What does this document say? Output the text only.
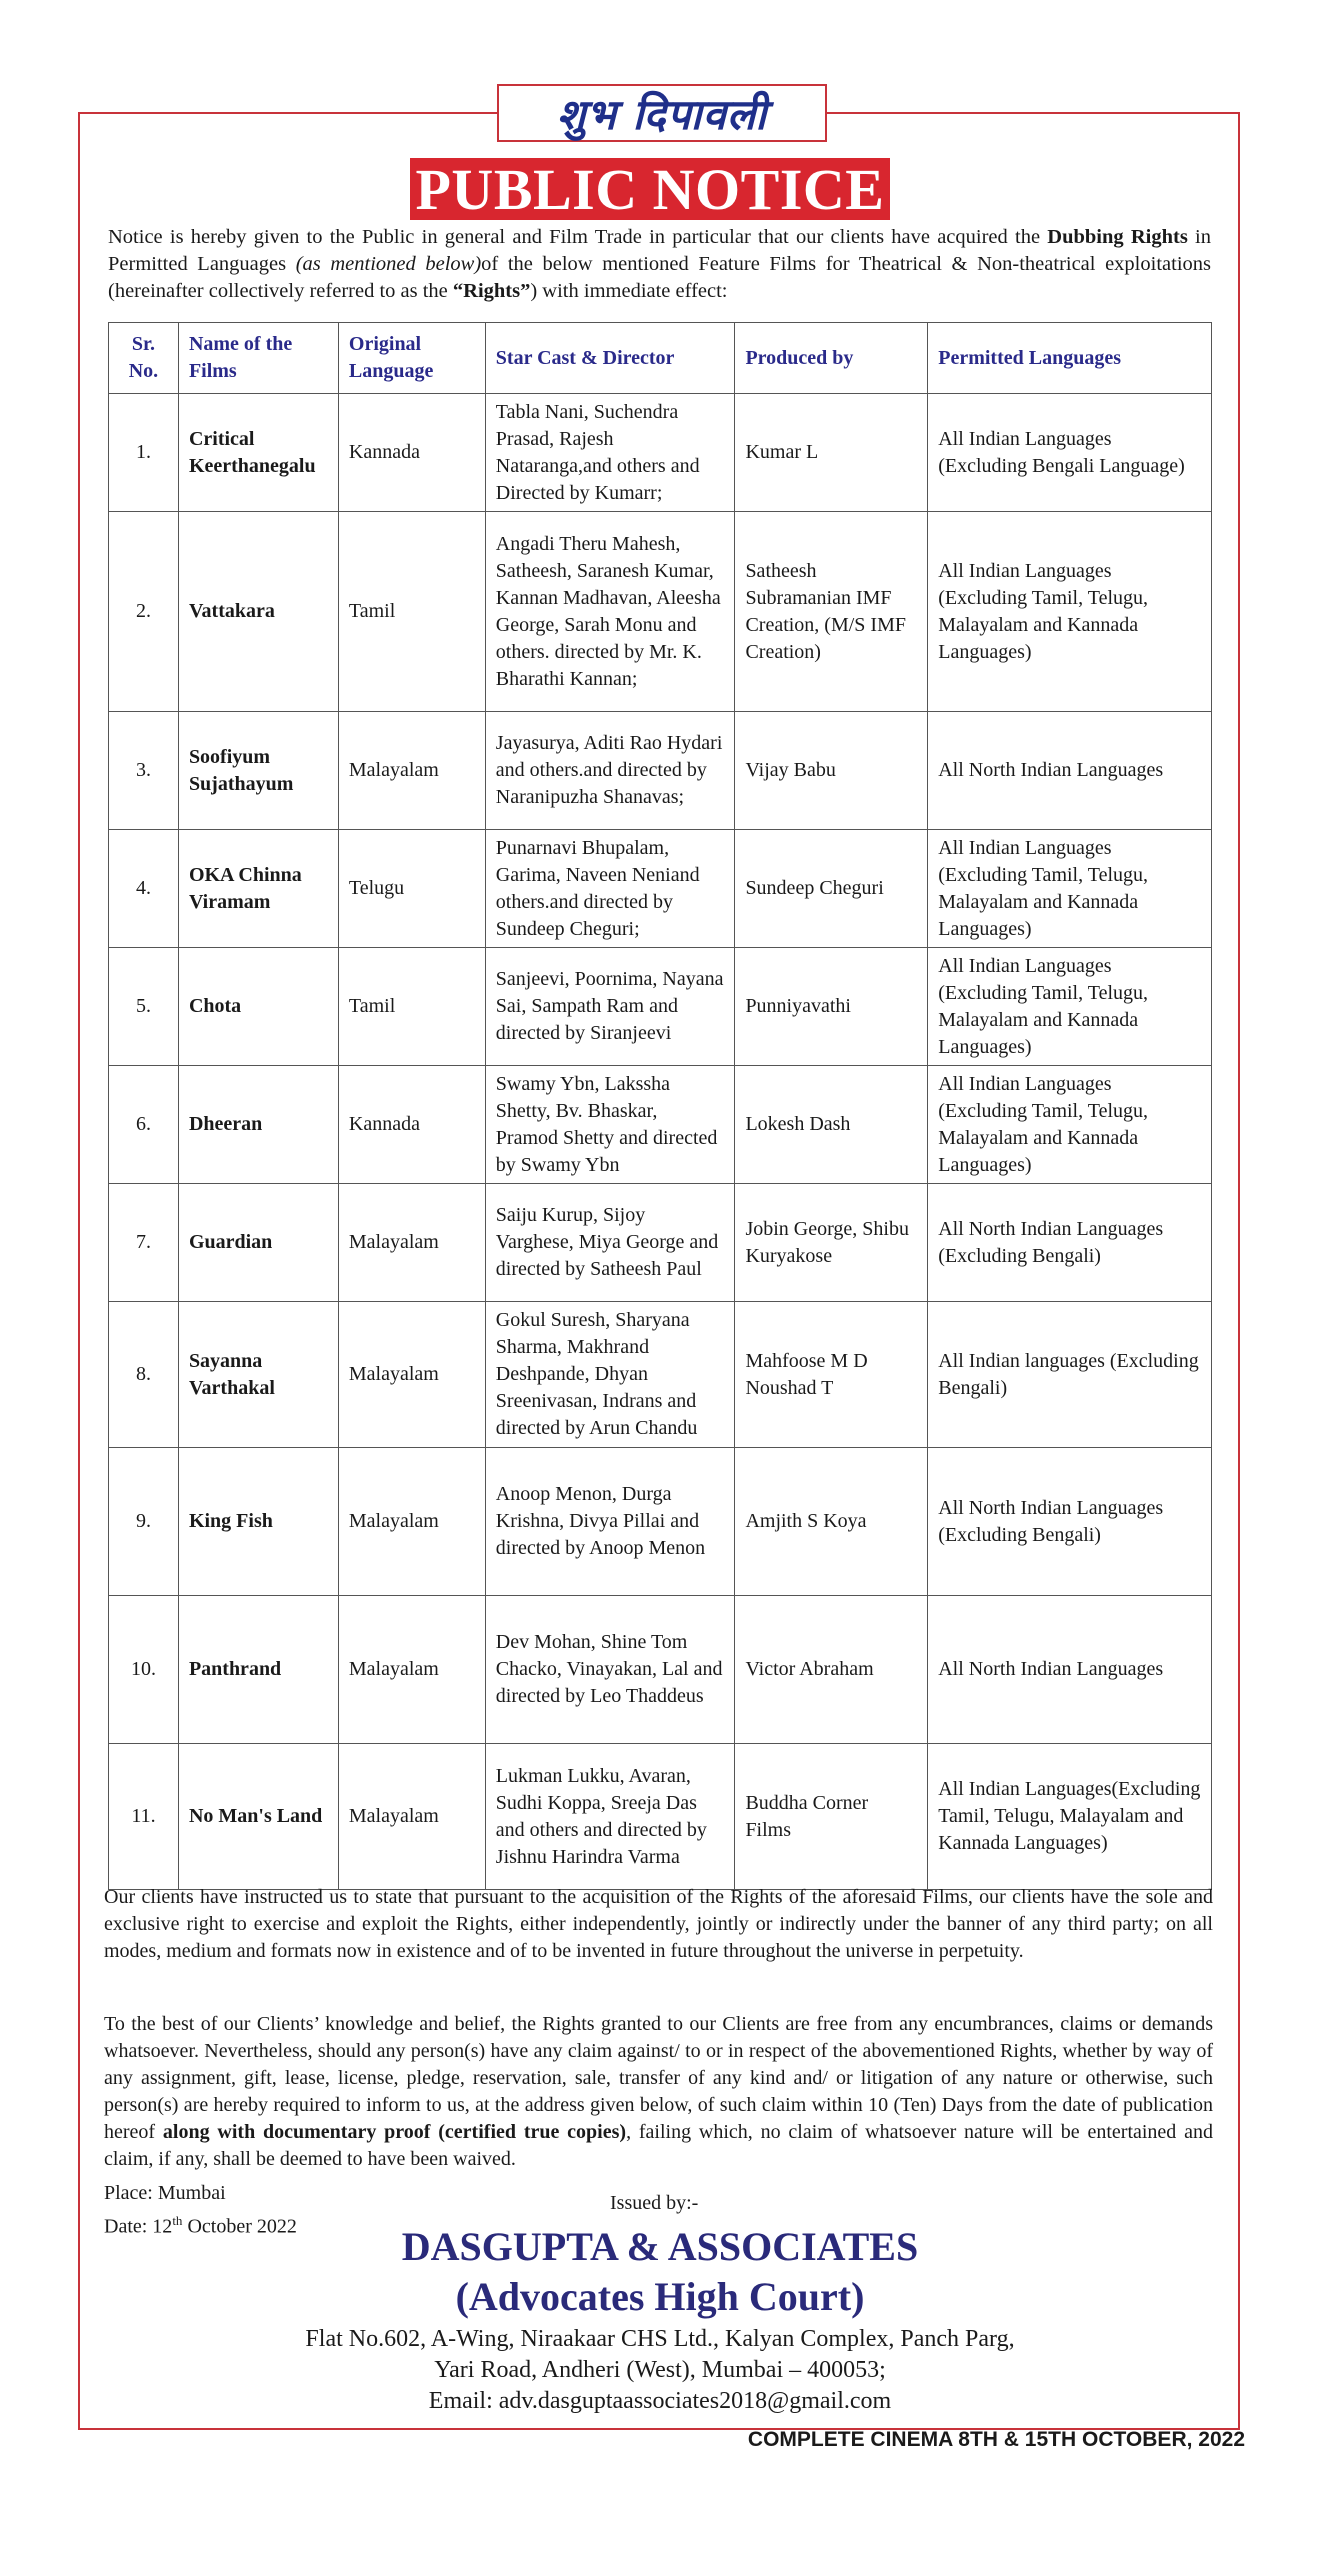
शुभ दिपावली
PUBLIC NOTICE
Notice is hereby given to the Public in general and Film Trade in particular that our clients have acquired the Dubbing Rights in Permitted Languages (as mentioned below)of the below mentioned Feature Films for Theatrical & Non-theatrical exploitations (hereinafter collectively referred to as the “Rights”) with immediate effect:
Sr. No.	Name of the Films	Original Language	Star Cast & Director	Produced by	Permitted Languages
1.	Critical Keerthanegalu	Kannada	Tabla Nani, Suchendra Prasad, Rajesh Nataranga,and others and Directed by Kumarr;	Kumar L	All Indian Languages (Excluding Bengali Language)
2.	Vattakara	Tamil	Angadi Theru Mahesh, Satheesh, Saranesh Kumar, Kannan Madhavan, Aleesha George, Sarah Monu and others. directed by Mr. K. Bharathi Kannan;	Satheesh Subramanian IMF Creation, (M/S IMF Creation)	All Indian Languages (Excluding Tamil, Telugu, Malayalam and Kannada Languages)
3.	Soofiyum Sujathayum	Malayalam	Jayasurya, Aditi Rao Hydari and others.and directed by Naranipuzha Shanavas;	Vijay Babu	All North Indian Languages
4.	OKA Chinna Viramam	Telugu	Punarnavi Bhupalam, Garima, Naveen Neniand others.and directed by Sundeep Cheguri;	Sundeep Cheguri	All Indian Languages (Excluding Tamil, Telugu, Malayalam and Kannada Languages)
5.	Chota	Tamil	Sanjeevi, Poornima, Nayana Sai, Sampath Ram and directed by Siranjeevi	Punniyavathi	All Indian Languages (Excluding Tamil, Telugu, Malayalam and Kannada Languages)
6.	Dheeran	Kannada	Swamy Ybn, Lakssha Shetty, Bv. Bhaskar, Pramod Shetty and directed by Swamy Ybn	Lokesh Dash	All Indian Languages (Excluding Tamil, Telugu, Malayalam and Kannada Languages)
7.	Guardian	Malayalam	Saiju Kurup, Sijoy Varghese, Miya George and directed by Satheesh Paul	Jobin George, Shibu Kuryakose	All North Indian Languages (Excluding Bengali)
8.	Sayanna Varthakal	Malayalam	Gokul Suresh, Sharyana Sharma, Makhrand Deshpande, Dhyan Sreenivasan, Indrans and directed by Arun Chandu	Mahfoose M D Noushad T	All Indian languages (Excluding Bengali)
9.	King Fish	Malayalam	Anoop Menon, Durga Krishna, Divya Pillai and directed by Anoop Menon	Amjith S Koya	All North Indian Languages (Excluding Bengali)
10.	Panthrand	Malayalam	Dev Mohan, Shine Tom Chacko, Vinayakan, Lal and directed by Leo Thaddeus	Victor Abraham	All North Indian Languages
11.	No Man's Land	Malayalam	Lukman Lukku, Avaran, Sudhi Koppa, Sreeja Das and others and directed by Jishnu Harindra Varma	Buddha Corner Films	All Indian Languages(Excluding Tamil, Telugu, Malayalam and Kannada Languages)
Our clients have instructed us to state that pursuant to the acquisition of the Rights of the aforesaid Films, our clients have the sole and exclusive right to exercise and exploit the Rights, either independently, jointly or indirectly under the banner of any third party; on all modes, medium and formats now in existence and of to be invented in future throughout the universe in perpetuity.
To the best of our Clients’ knowledge and belief, the Rights granted to our Clients are free from any encumbrances, claims or demands whatsoever. Nevertheless, should any person(s) have any claim against/ to or in respect of the abovementioned Rights, whether by way of any assignment, gift, lease, license, pledge, reservation, sale, transfer of any kind and/ or litigation of any nature or otherwise, such person(s) are hereby required to inform to us, at the address given below, of such claim within 10 (Ten) Days from the date of publication hereof along with documentary proof (certified true copies), failing which, no claim of whatsoever nature will be entertained and claim, if any, shall be deemed to have been waived.
Place: Mumbai
Date: 12th October 2022
Issued by:-
DASGUPTA & ASSOCIATES
(Advocates High Court)
Flat No.602, A-Wing, Niraakaar CHS Ltd., Kalyan Complex, Panch Parg,
Yari Road, Andheri (West), Mumbai – 400053;
Email: adv.dasguptaassociates2018@gmail.com
COMPLETE CINEMA 8TH & 15TH OCTOBER, 2022
